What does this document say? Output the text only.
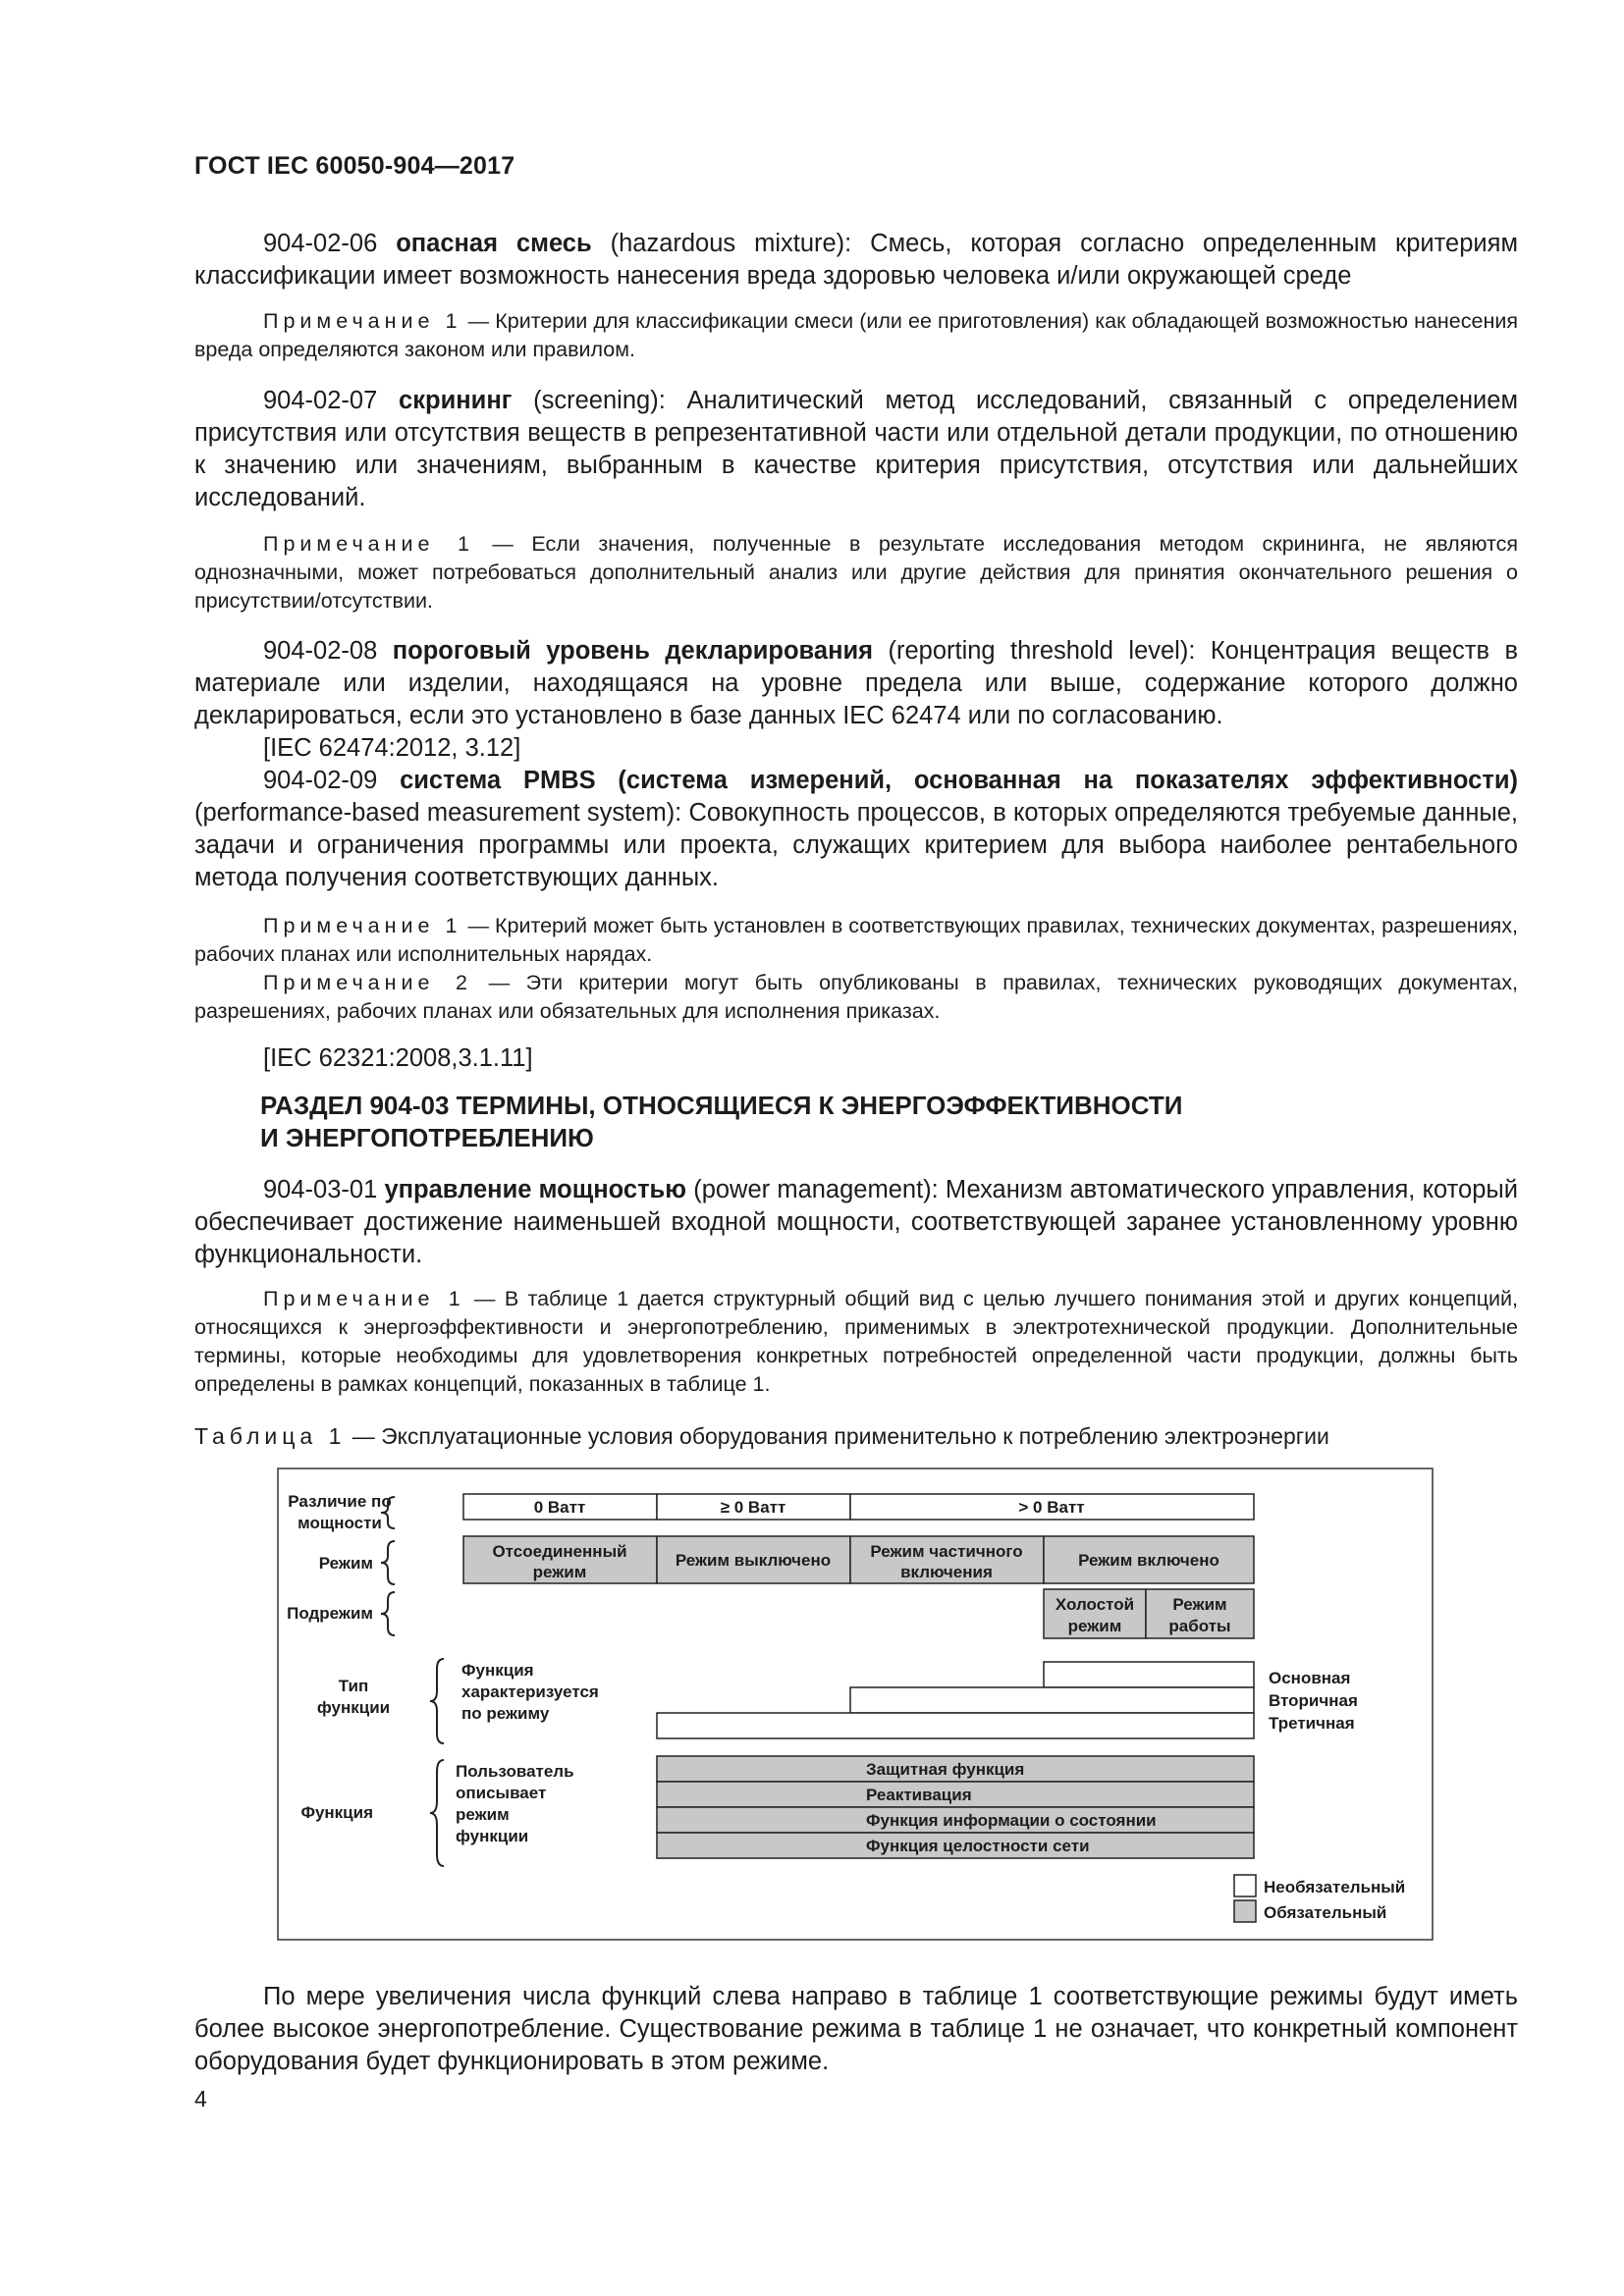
ГОСТ IEC 60050-904—2017

904-02-06 опасная смесь (hazardous mixture): Смесь, которая согласно определенным критериям классификации имеет возможность нанесения вреда здоровью человека и/или окружающей среде

Примечание 1 — Критерии для классификации смеси (или ее приготовления) как обладающей возможностью нанесения вреда определяются законом или правилом.

904-02-07 скрининг (screening): Аналитический метод исследований, связанный с определением присутствия или отсутствия веществ в репрезентативной части или отдельной детали продукции, по отношению к значению или значениям, выбранным в качестве критерия присутствия, отсутствия или дальнейших исследований.

Примечание 1 — Если значения, полученные в результате исследования методом скрининга, не являются однозначными, может потребоваться дополнительный анализ или другие действия для принятия окончательного решения о присутствии/отсутствии.

904-02-08 пороговый уровень декларирования (reporting threshold level): Концентрация веществ в материале или изделии, находящаяся на уровне предела или выше, содержание которого должно декларироваться, если это установлено в базе данных IEC 62474 или по согласованию.

[IEC 62474:2012, 3.12]

904-02-09 система PMBS (система измерений, основанная на показателях эффективности) (performance-based measurement system): Совокупность процессов, в которых определяются требуемые данные, задачи и ограничения программы или проекта, служащих критерием для выбора наиболее рентабельного метода получения соответствующих данных.

Примечание 1 — Критерий может быть установлен в соответствующих правилах, технических документах, разрешениях, рабочих планах или исполнительных нарядах.

Примечание 2 — Эти критерии могут быть опубликованы в правилах, технических руководящих документах, разрешениях, рабочих планах или обязательных для исполнения приказах.

[IEC 62321:2008,3.1.11]

РАЗДЕЛ 904-03 ТЕРМИНЫ, ОТНОСЯЩИЕСЯ К ЭНЕРГОЭФФЕКТИВНОСТИ
И ЭНЕРГОПОТРЕБЛЕНИЮ

904-03-01 управление мощностью (power management): Механизм автоматического управления, который обеспечивает достижение наименьшей входной мощности, соответствующей заранее установленному уровню функциональности.

Примечание 1 — В таблице 1 дается структурный общий вид с целью лучшего понимания этой и других концепций, относящихся к энергоэффективности и энергопотреблению, применимых в электротехнической продукции. Дополнительные термины, которые необходимы для удовлетворения конкретных потребностей определенной части продукции, должны быть определены в рамках концепций, показанных в таблице 1.

Таблица 1 — Эксплуатационные условия оборудования применительно к потреблению электроэнергии

Различие по
мощности
Режим
Подрежим
Тип
функции
Функция
0 Ватт	≥ 0 Ватт	> 0 Ватт
Отсоединенный
режим
Режим выключено Режим частичного
включения
Режим включено
Холостой
режим
Режим
работы
Функция
характеризуется
по режиму
Основная
Вторичная
Третичная
Пользователь
описывает
режим
функции
Защитная функция
Реактивация
Функция информации о состоянии
Функция целостности сети
Необязательный
Обязательный

По мере увеличения числа функций слева направо в таблице 1 соответствующие режимы будут иметь более высокое энергопотребление. Существование режима в таблице 1 не означает, что конкретный компонент оборудования будет функционировать в этом режиме.

4
